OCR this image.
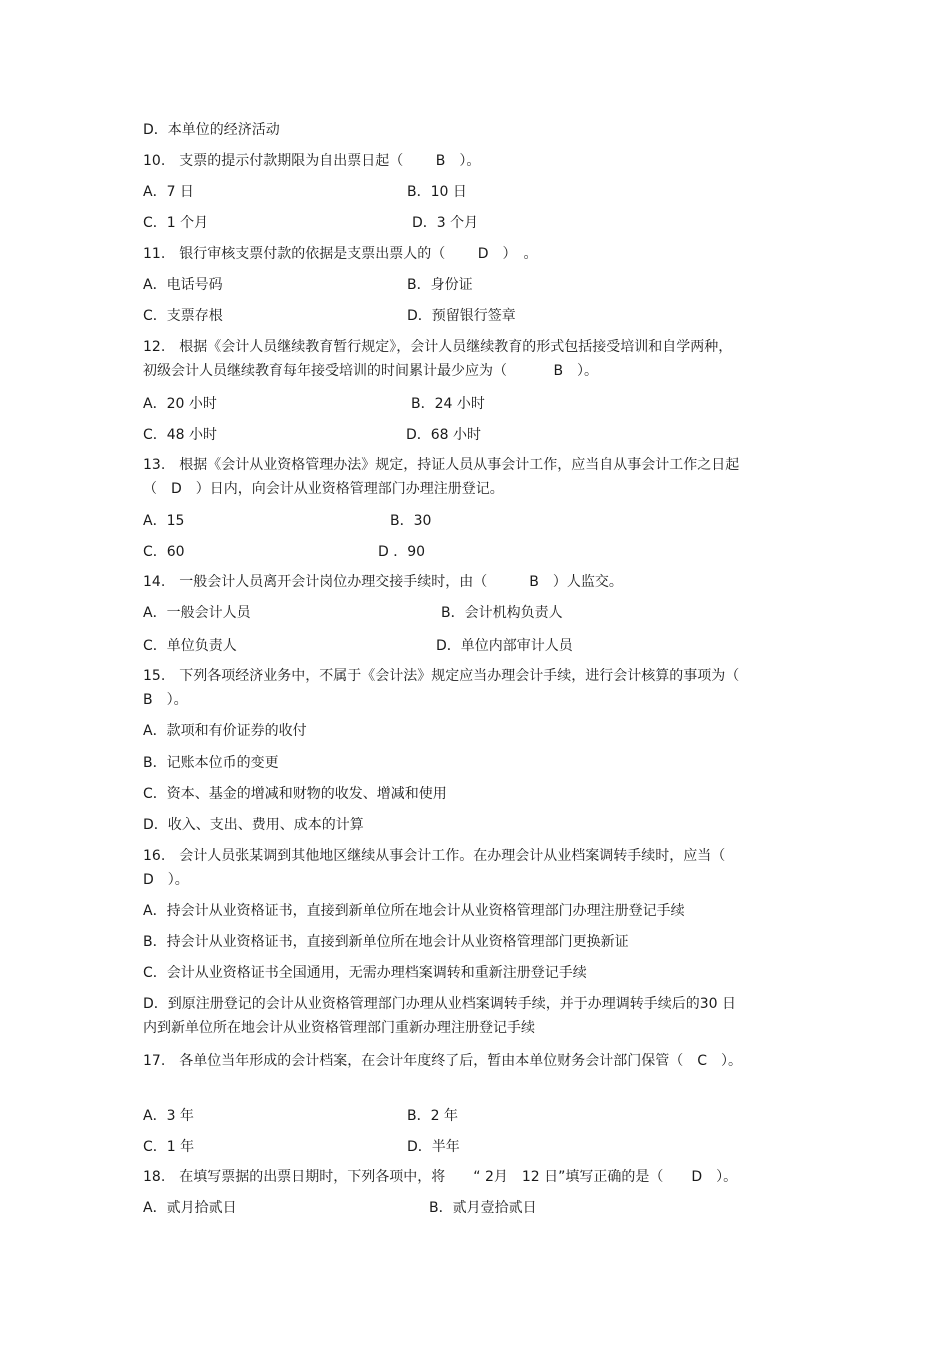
D．本单位的经济活动
10.　支票的提示付款期限为自出票日起（　　 B　）。
A．7 日	B．10 日
C．1 个月	D．3 个月
11.　银行审核支票付款的依据是支票出票人的（　　 D　）　。
A．电话号码	B．身份证
C．支票存根	D．预留银行签章
12.　根据《会计人员继续教育暂行规定》，会计人员继续教育的形式包括接受培训和自学两种，初级会计人员继续教育每年接受培训的时间累计最少应为（　　　 B　）。
A．20 小时	B．24 小时
C．48 小时	D．68 小时
13.　根据《会计从业资格管理办法》规定，持证人员从事会计工作，应当自从事会计工作之日起（　D　）日内，向会计从业资格管理部门办理注册登记。
A．15	B．30
C．60	D ．90
14.　一般会计人员离开会计岗位办理交接手续时，由（　　　B　）人监交。
A．一般会计人员	B．会计机构负责人
C．单位负责人	D．单位内部审计人员
15.　下列各项经济业务中，不属于《会计法》规定应当办理会计手续，进行会计核算的事项为（　B　）。
A．款项和有价证券的收付
B．记账本位币的变更
C．资本、基金的增减和财物的收发、增减和使用
D．收入、支出、费用、成本的计算
16.　会计人员张某调到其他地区继续从事会计工作。在办理会计从业档案调转手续时，应当（　D　）。
A．持会计从业资格证书，直接到新单位所在地会计从业资格管理部门办理注册登记手续
B．持会计从业资格证书，直接到新单位所在地会计从业资格管理部门更换新证
C．会计从业资格证书全国通用，无需办理档案调转和重新注册登记手续
D．到原注册登记的会计从业资格管理部门办理从业档案调转手续，并于办理调转手续后的30 日内到新单位所在地会计从业资格管理部门重新办理注册登记手续
17.　各单位当年形成的会计档案，在会计年度终了后，暂由本单位财务会计部门保管（　C　）。
A．3 年	B．2 年
C．1 年	D．半年
18.　在填写票据的出票日期时，下列各项中，将　　“ 2月　12 日”填写正确的是（　　D　）。
A．贰月拾贰日	B．贰月壹拾贰日
